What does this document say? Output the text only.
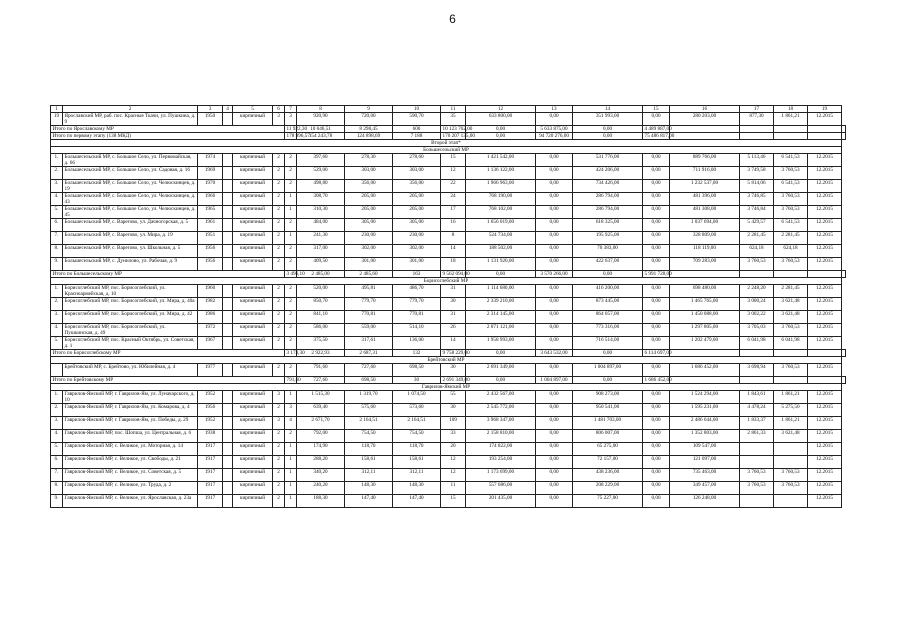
6
1	2	3	4	5	6	7	8	9	10	11	12	13	14	15	16	17	18	19	
19	Ярославский МР, раб. пос. Красные Ткачи, ул. Пушкина, д. 9	1950		кирпичный	3	3	920,90	720,00	590,70	35	633 800,00	0,00	351 993,00	0,00	280 203,00	877,30	1 861,21	12.2015	
Итого по Ярославскому МР						11 922,30	10 646,51	8 298,45	600	10 123 762,00	0,00	5 633 875,00	0,00	4 489 887,00					
Итого по первому этапу (138 МКД)						178 996,57	154 243,78	124 898,69	7 188	170 207 135,00	0,00	94 720 276,00	0,00	75 486 817,00					
Второй этап*																			
Большесельский МР																			
1.	Большесельский МР, с. Большое Село, ул. Первомайская, д. 66	1974		кирпичный	2	2	397,60	278,30	278,60	15	1 421 542,00	0,00	531 776,00	0,00	889 766,00	5 113,46	6 541,53	12.2015	
2.	Большесельский МР, с. Большое Село, ул. Садовая, д. 16	1969		кирпичный	2	2	529,00	303,00	303,00	12	1 136 122,00	0,00	424 206,00	0,00	711 916,00	3 749,58	3 760,53	12.2015	
3.	Большесельский МР, с. Большое Село, ул. Челюскинцев, д. 19	1970		кирпичный	2	2	498,80	356,00	356,00	22	1 966 963,00	0,00	734 426,00	0,00	1 232 537,00	5 814,06	6 541,53	12.2015	
4.	Большесельский МР, с. Большое Село, ул. Челюскинцев, д. 43	1966		кирпичный	2	1	308,70	205,00	205,00	24	768 190,00	0,00	286 794,00	0,00	481 396,00	3 746,85	3 760,53	12.2015	
5.	Большесельский МР, с. Большое Село, ул. Челюскинцев, д. 45	1965		кирпичный	2	1	310,30	205,00	205,00	17	768 102,00	0,00	286 794,00	0,00	481 308,00	3 746,84	3 760,53	12.2015	
6.	Большесельский МР, с. Варегово, ул. Дачногорская, д. 5	1961		кирпичный	2	2	484,00	305,00	305,00	16	1 656 019,00	0,00	618 325,00	0,00	1 037 694,00	5 429,57	6 541,53	12.2015	
7.	Большесельский МР, с. Варегово, ул. Мира, д. 19	1951		кирпичный	2	1	241,30	230,00	230,00	8	524 734,00	0,00	195 925,00	0,00	328 809,00	2 281,45	2 281,45	12.2015	
8.	Большесельский МР, с. Варегово, ул. Школьная, д. 5	1956		кирпичный	2	2	317,00	302,00	302,00	14	188 502,00	0,00	70 383,00	0,00	118 119,00	624,18	624,18	12.2015	
9.	Большесельский МР, с. Дуниловo, ул. Рабочая, д. 9	1956		кирпичный	2	2	409,50	301,00	301,00	18	1 131 920,00	0,00	422 637,00	0,00	709 283,00	3 760,53	3 760,53	12.2015	
Итого по Большесельскому МР						3 496,10	2 485,00	2 485,60	163	9 562 094,00	0,00	3 570 266,00	0,00	5 991 728,00					
Борисоглебский МР																			
1.	Борисоглебский МР, пос. Борисоглебский, ул. Красноармейская, д. 10	1960		кирпичный	2	2	520,00	495,81	486,70	31	1 114 680,00	0,00	416 200,00	0,00	698 480,00	2 248,20	2 281,45	12.2015	
2.	Борисоглебский МР, пос. Борисоглебский, ул. Мира, д. 40а	1982		кирпичный	2	2	850,70	779,70	779,70	30	2 339 210,00	0,00	873 445,00	0,00	1 465 765,00	3 000,24	3 621,48	12.2015	
3.	Борисоглебский МР, пос. Борисоглебский, ул. Мира, д. 42	1986		кирпичный	2	2	841,10	770,81	770,81	31	2 314 145,00	0,00	864 057,00	0,00	1 450 088,00	3 002,22	3 621,48	12.2015	
4.	Борисоглебский МР, пос. Борисоглебский, ул. Пушкинская, д. 49	1972		кирпичный	2	2	586,00	559,00	514,10	26	2 071 121,00	0,00	773 316,00	0,00	1 297 805,00	3 705,03	3 760,53	12.2015	
5.	Борисоглебский МР, пос. Красный Октябрь, ул. Советская, д. 1	1967		кирпичный	2	2	375,50	317,61	136,00	14	1 958 993,00	0,00	716 514,00	0,00	1 202 479,00	6 041,98	6 041,98	12.2015	
Итого по Борисоглебскому МР						3 173,30	2 922,93	2 687,31	132	9 758 229,00	0,00	3 643 532,00	0,00	6 114 697,00					
Брейтовский МР																			
	Брейтовский МР, с. Брейтово, ул. Юбилейная, д. 4	1977		кирпичный	2	2	791,60	727,60	698,50	30	2 691 349,00	0,00	1 004 897,00	0,00	1 686 452,00	3 698,94	3 760,53	12.2015	
Итого по Брейтовскому МР						791,60	727,60	698,50	30	2 691 349,00	0,00	1 004 897,00	0,00	1 686 452,00					
Гаврилов-Ямский МР																			
1.	Гаврилов-Ямский МР, г. Гаврилов-Ям, ул. Луначарского, д. 10	1952		кирпичный	3	1	1 515,30	1 319,70	1 074,50	55	2 432 567,00	0,00	908 273,00	0,00	1 524 294,00	1 843,61	1 861,21	12.2015	
2.	Гаврилов-Ямский МР, г. Гаврилов-Ям, ул. Комарова, д. 4	1956		кирпичный	2	3	639,40	575,60	573,60	30	2 545 772,00	0,00	950 541,00	0,00	1 595 231,00	4 478,24	5 275,50	12.2015	
3.	Гаврилов-Ямский МР, г. Гаврилов-Ям, ул. Победы, д. 29	1952		кирпичный	3	4	2 671,70	2 164,51	2 164,51	109	3 968 347,00	0,00	1 481 703,00	0,00	2 486 644,00	1 833,37	1 861,21	12.2015	
4.	Гаврилов-Ямский МР, пос. Шопша, ул. Центральная, д. 6	1938		кирпичный	2	2	792,00	754,50	754,50	33	2 158 810,00	0,00	806 007,00	0,00	1 352 803,00	2 861,33	3 621,48	12.2015	
5.	Гаврилов-Ямский МР, с. Великое, ул. Моторная, д. 14	1917		кирпичный	2	1	174,90	118,70	118,70	20	174 822,00	0,00	65 275,00	0,00	109 547,00			12.2015	
6.	Гаврилов-Ямский МР, с. Великое, ул. Свободы, д. 21	1917		кирпичный	2	1	288,20	158,61	158,61	12	193 254,00	0,00	72 157,00	0,00	121 097,00			12.2015	
7.	Гаврилов-Ямский МР, с. Великое, ул. Советская, д. 5	1917		кирпичный	2	1	340,20	312,11	312,11	12	1 173 699,00	0,00	438 236,00	0,00	735 463,00	3 760,53	3 760,53	12.2015	
8.	Гаврилов-Ямский МР, с. Великое, ул. Труда, д. 2	1917		кирпичный	2	1	240,20	148,30	148,30	11	557 686,00	0,00	208 229,00	0,00	349 457,00	3 760,53	3 760,53	12.2015	
9.	Гаврилов-Ямский МР, с. Великое, ул. Ярославская, д. 23а	1917		кирпичный	2	1	188,30	147,40	147,40	15	201 435,00	0,00	75 227,00	0,00	126 248,00			12.2015	
